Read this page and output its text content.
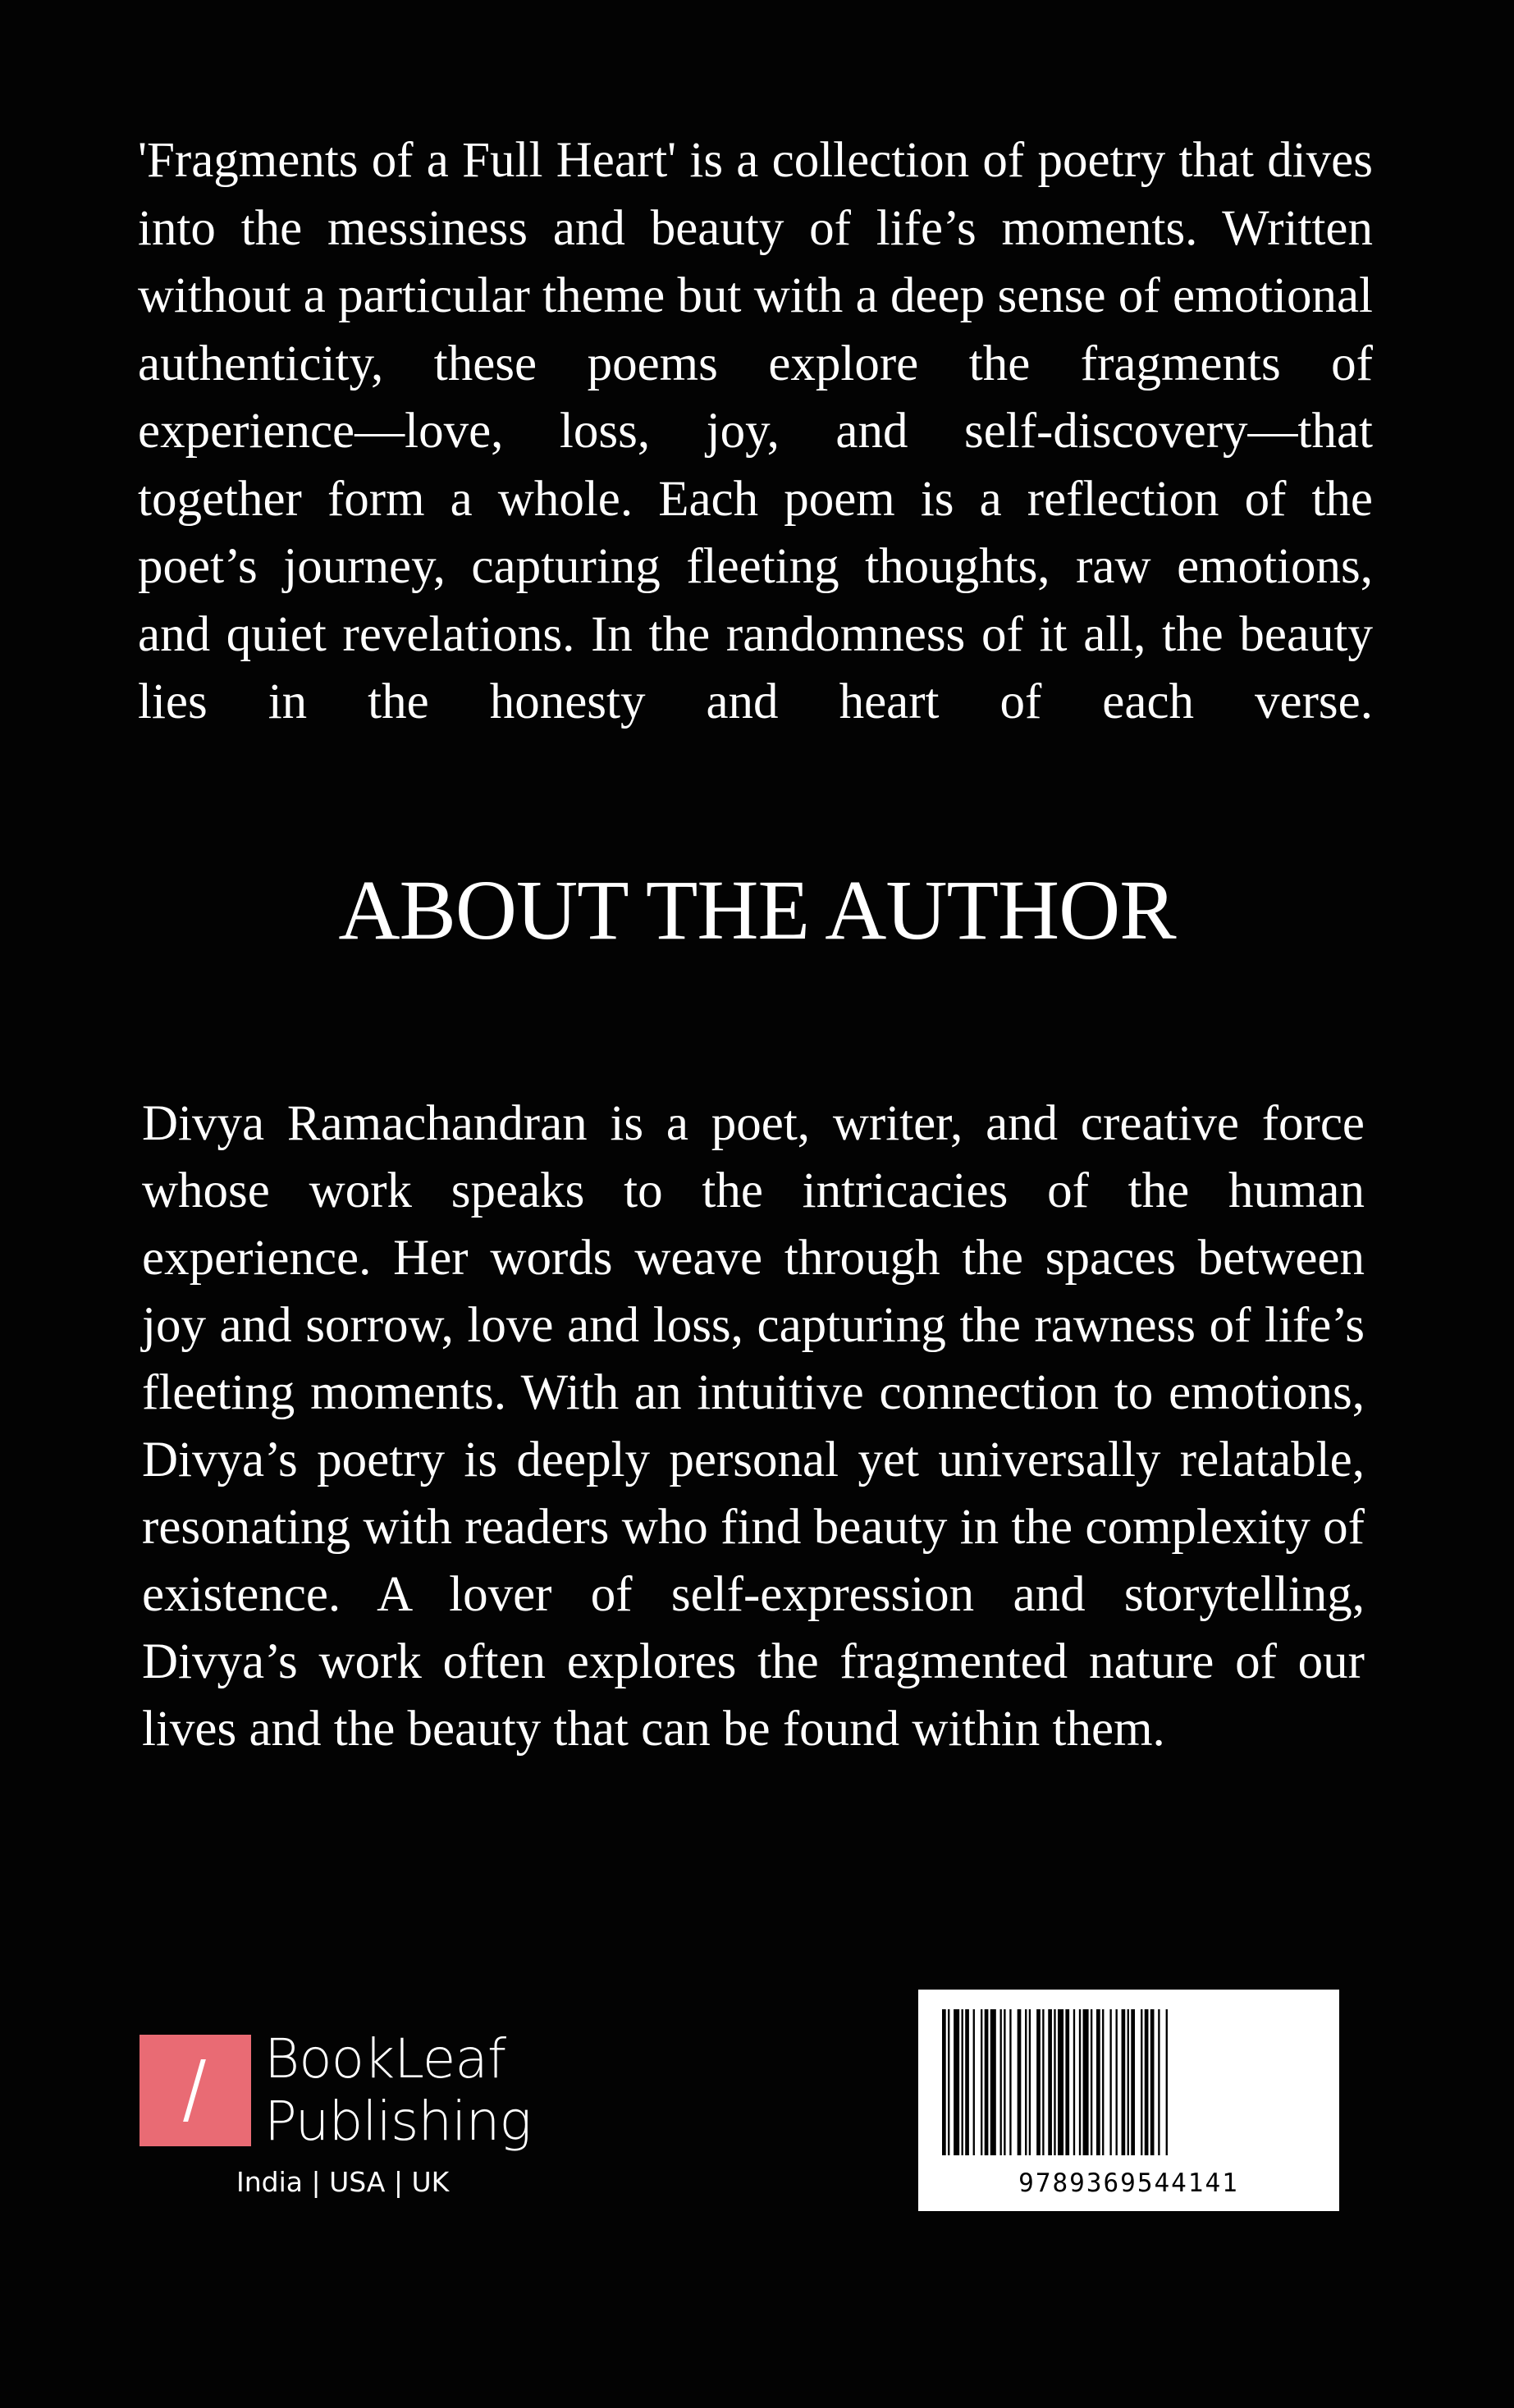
'Fragments of a Full Heart' is a collection of poetry that dives into the messiness and beauty of life’s moments. Written without a particular theme but with a deep sense of emotional authenticity, these poems explore the fragments of experience—love, loss, joy, and self-discovery—that together form a whole. Each poem is a reflection of the poet’s journey, capturing fleeting thoughts, raw emotions, and quiet revelations. In the randomness of it all, the beauty lies in the honesty and heart of each verse.

ABOUT THE AUTHOR

Divya Ramachandran is a poet, writer, and creative force whose work speaks to the intricacies of the human experience. Her words weave through the spaces between joy and sorrow, love and loss, capturing the rawness of life’s fleeting moments. With an intuitive connection to emotions, Divya’s poetry is deeply personal yet universally relatable, resonating with readers who find beauty in the complexity of existence. A lover of self-expression and storytelling, Divya’s work often explores the fragmented nature of our lives and the beauty that can be found within them.

BookLeaf
Publishing
India | USA | UK	9789369544141
